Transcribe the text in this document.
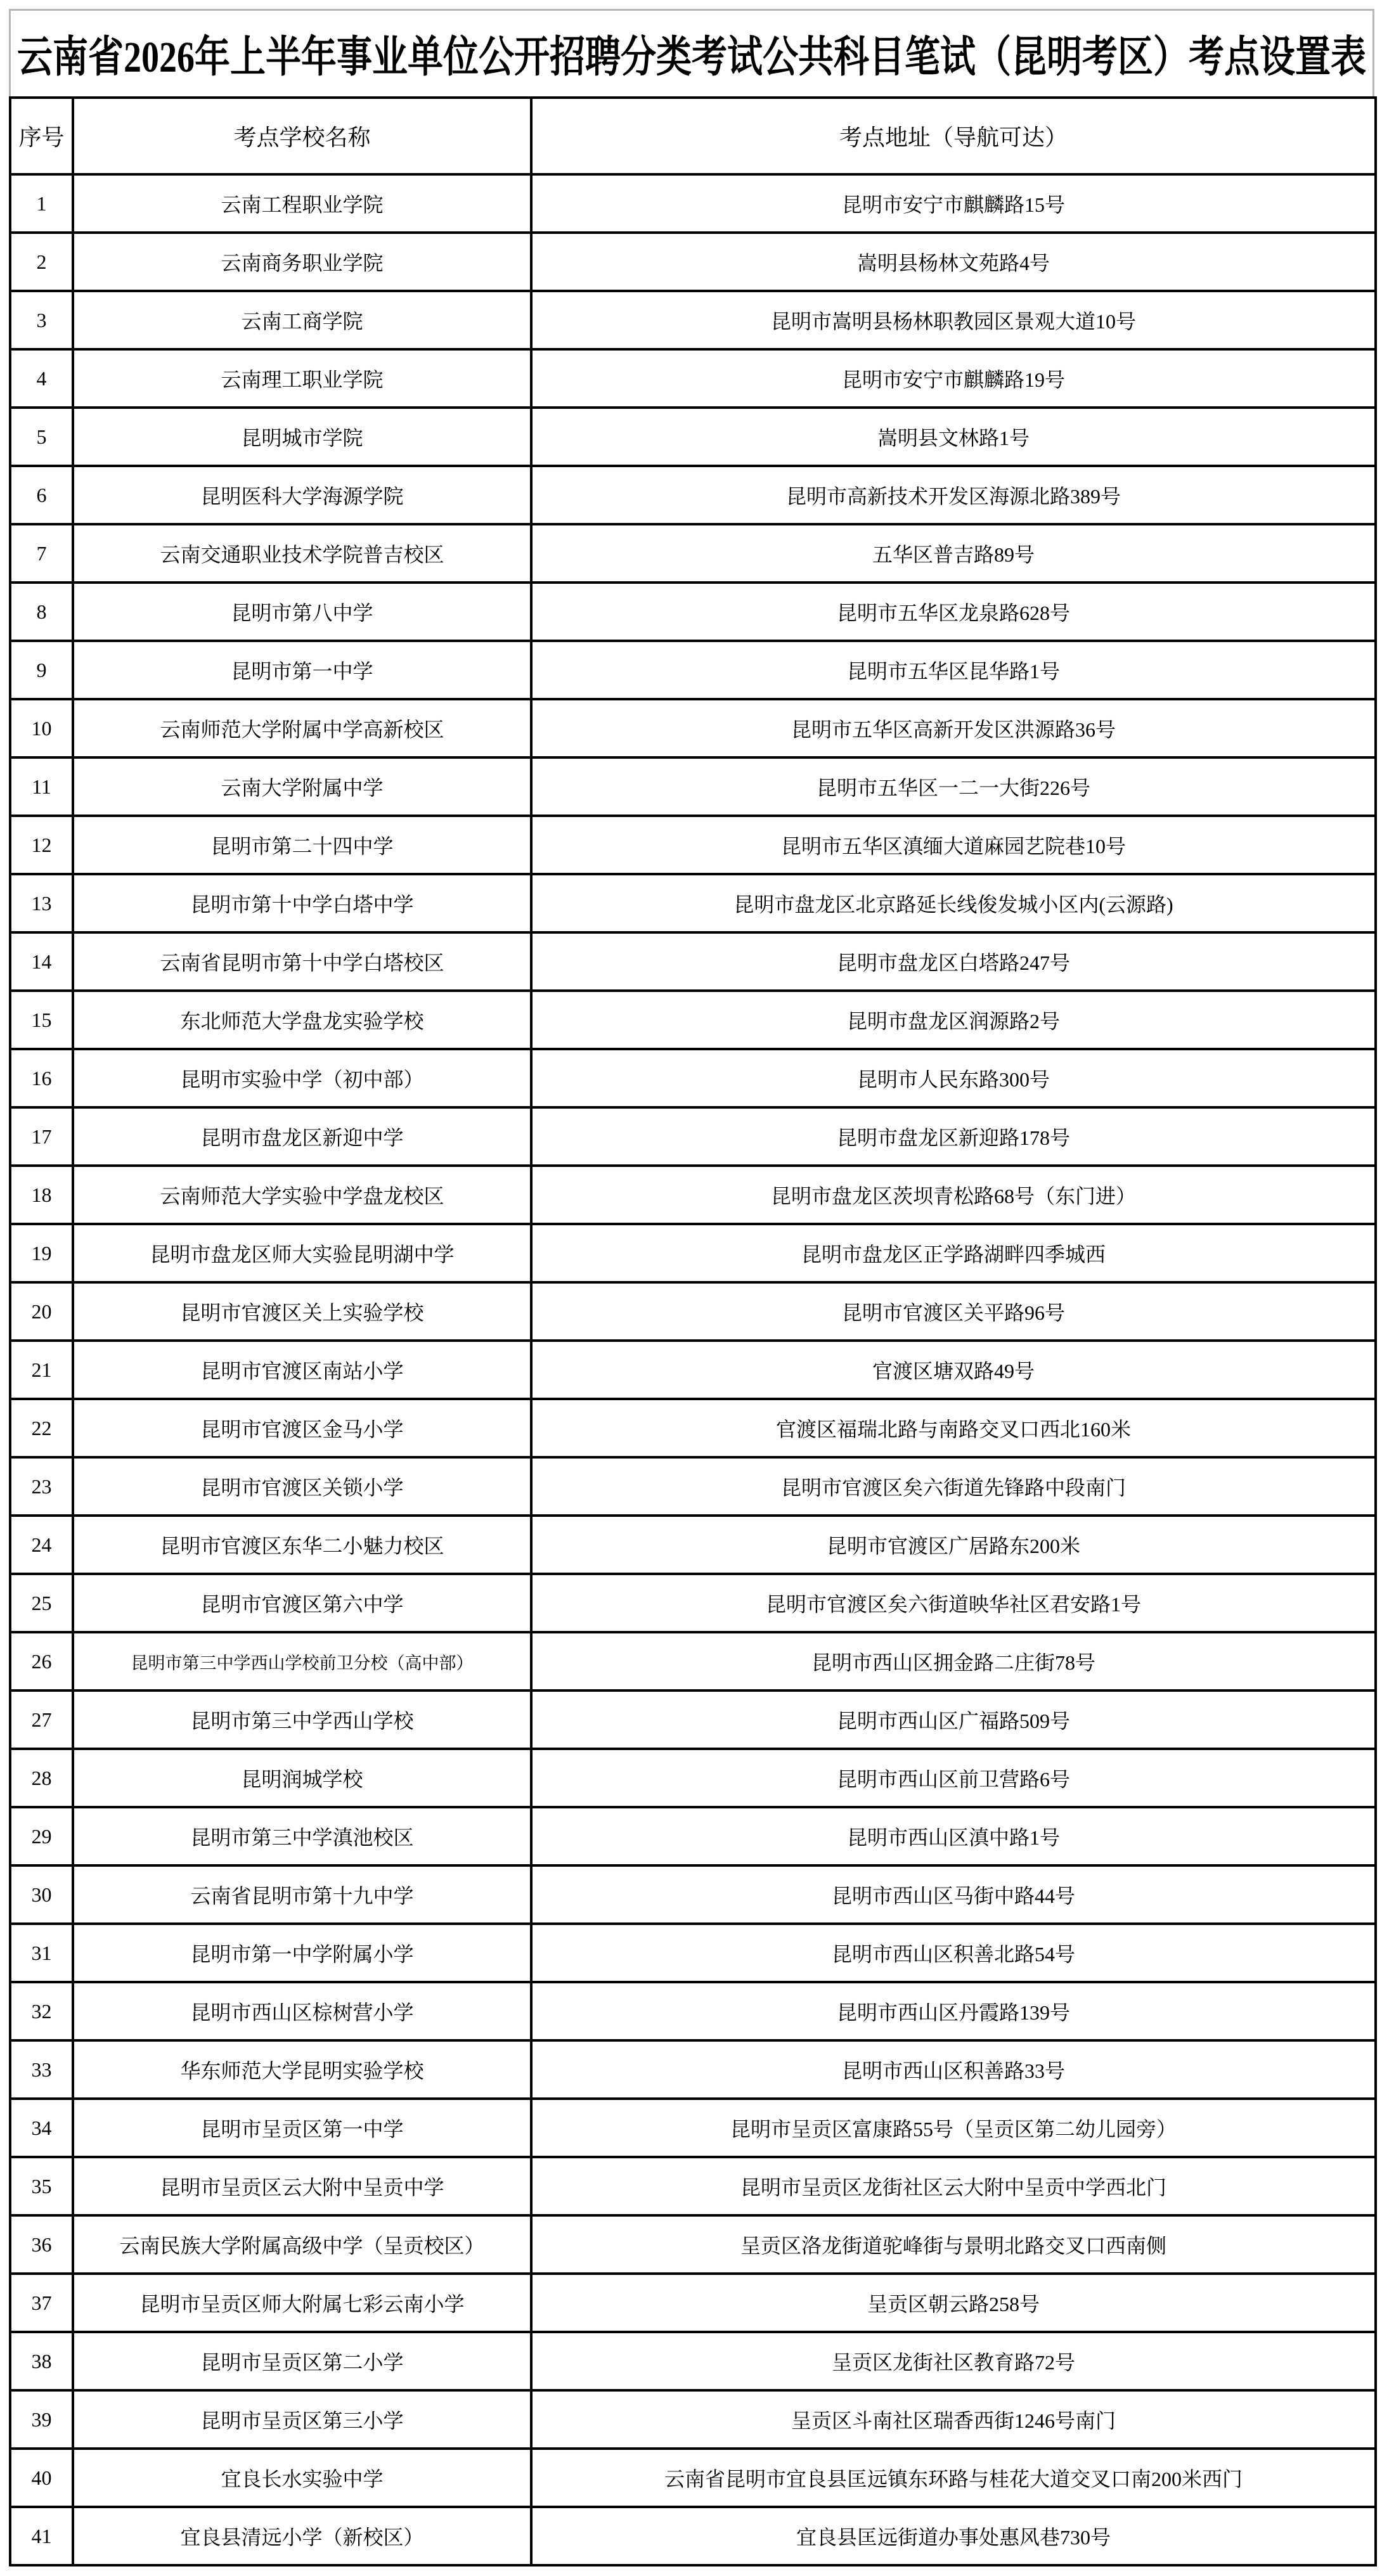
云南省2026年上半年事业单位公开招聘分类考试公共科目笔试（昆明考区）考点设置表
序号	考点学校名称	考点地址（导航可达）
1	云南工程职业学院	昆明市安宁市麒麟路15号
2	云南商务职业学院	嵩明县杨林文苑路4号
3	云南工商学院	昆明市嵩明县杨林职教园区景观大道10号
4	云南理工职业学院	昆明市安宁市麒麟路19号
5	昆明城市学院	嵩明县文林路1号
6	昆明医科大学海源学院	昆明市高新技术开发区海源北路389号
7	云南交通职业技术学院普吉校区	五华区普吉路89号
8	昆明市第八中学	昆明市五华区龙泉路628号
9	昆明市第一中学	昆明市五华区昆华路1号
10	云南师范大学附属中学高新校区	昆明市五华区高新开发区洪源路36号
11	云南大学附属中学	昆明市五华区一二一大街226号
12	昆明市第二十四中学	昆明市五华区滇缅大道麻园艺院巷10号
13	昆明市第十中学白塔中学	昆明市盘龙区北京路延长线俊发城小区内(云源路)
14	云南省昆明市第十中学白塔校区	昆明市盘龙区白塔路247号
15	东北师范大学盘龙实验学校	昆明市盘龙区润源路2号
16	昆明市实验中学（初中部）	昆明市人民东路300号
17	昆明市盘龙区新迎中学	昆明市盘龙区新迎路178号
18	云南师范大学实验中学盘龙校区	昆明市盘龙区茨坝青松路68号（东门进）
19	昆明市盘龙区师大实验昆明湖中学	昆明市盘龙区正学路湖畔四季城西
20	昆明市官渡区关上实验学校	昆明市官渡区关平路96号
21	昆明市官渡区南站小学	官渡区塘双路49号
22	昆明市官渡区金马小学	官渡区福瑞北路与南路交叉口西北160米
23	昆明市官渡区关锁小学	昆明市官渡区矣六街道先锋路中段南门
24	昆明市官渡区东华二小魅力校区	昆明市官渡区广居路东200米
25	昆明市官渡区第六中学	昆明市官渡区矣六街道映华社区君安路1号
26	昆明市第三中学西山学校前卫分校（高中部）	昆明市西山区拥金路二庄街78号
27	昆明市第三中学西山学校	昆明市西山区广福路509号
28	昆明润城学校	昆明市西山区前卫营路6号
29	昆明市第三中学滇池校区	昆明市西山区滇中路1号
30	云南省昆明市第十九中学	昆明市西山区马街中路44号
31	昆明市第一中学附属小学	昆明市西山区积善北路54号
32	昆明市西山区棕树营小学	昆明市西山区丹霞路139号
33	华东师范大学昆明实验学校	昆明市西山区积善路33号
34	昆明市呈贡区第一中学	昆明市呈贡区富康路55号（呈贡区第二幼儿园旁）
35	昆明市呈贡区云大附中呈贡中学	昆明市呈贡区龙街社区云大附中呈贡中学西北门
36	云南民族大学附属高级中学（呈贡校区）	呈贡区洛龙街道驼峰街与景明北路交叉口西南侧
37	昆明市呈贡区师大附属七彩云南小学	呈贡区朝云路258号
38	昆明市呈贡区第二小学	呈贡区龙街社区教育路72号
39	昆明市呈贡区第三小学	呈贡区斗南社区瑞香西街1246号南门
40	宜良长水实验中学	云南省昆明市宜良县匡远镇东环路与桂花大道交叉口南200米西门
41	宜良县清远小学（新校区）	宜良县匡远街道办事处惠风巷730号
